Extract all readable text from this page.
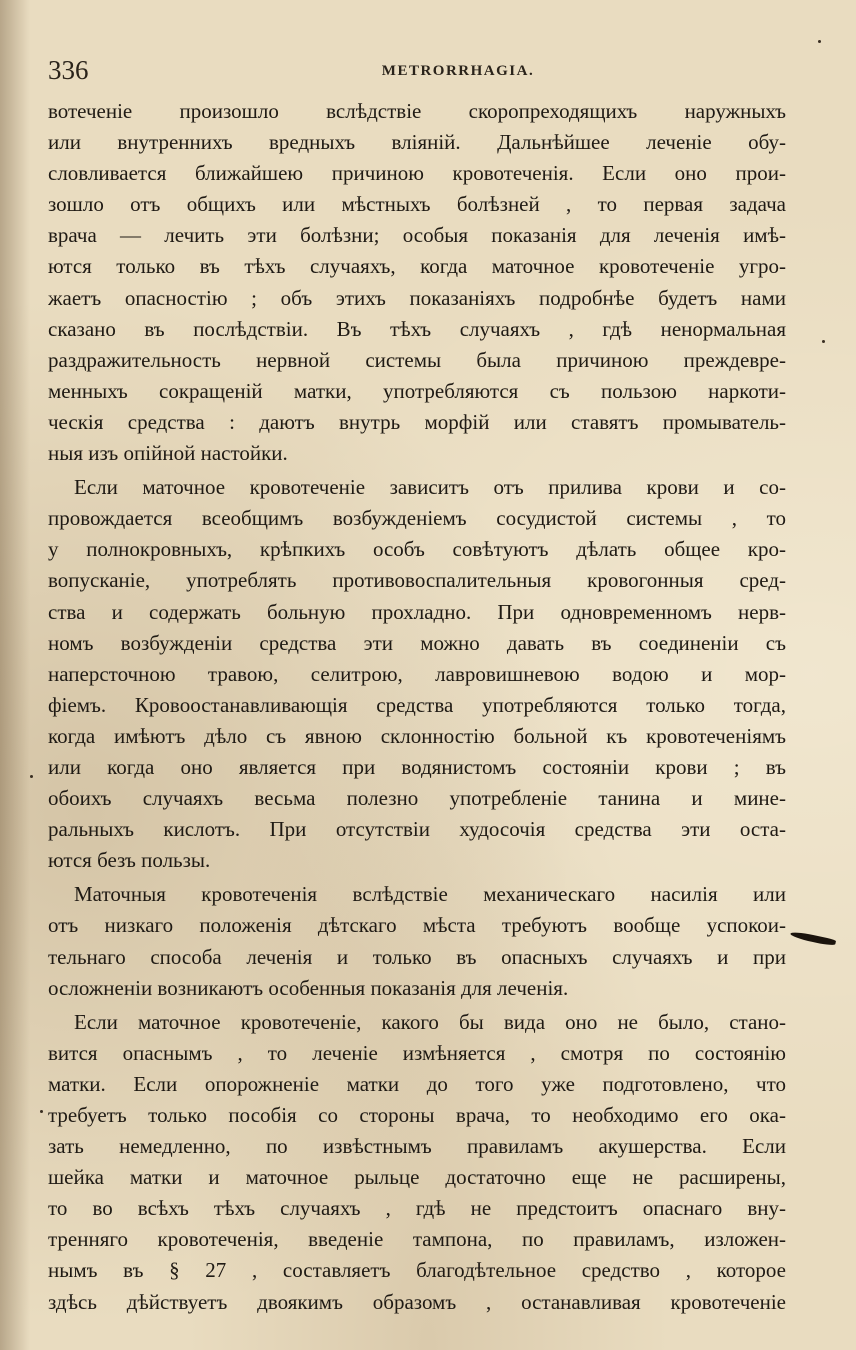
336	METRORRHAGIA.
вотеченіе произошло вслѣдствіе скоропреходящихъ наружныхъ
или внутреннихъ вредныхъ вліяній. Дальнѣйшее леченіе обу-
словливается ближайшею причиною кровотеченія. Если оно прои-
зошло отъ общихъ или мѣстныхъ болѣзней , то первая задача
врача — лечить эти болѣзни; особыя показанія для леченія имѣ-
ются только въ тѣхъ случаяхъ, когда маточное кровотеченіе угро-
жаетъ опасностію ; объ этихъ показаніяхъ подробнѣе будетъ нами
сказано въ послѣдствіи. Въ тѣхъ случаяхъ , гдѣ ненормальная
раздражительность нервной системы была причиною преждевре-
менныхъ сокращеній матки, употребляются съ пользою наркоти-
ческія средства : даютъ внутрь морфій или ставятъ промыватель-
ныя изъ опійной настойки.
Если маточное кровотеченіе зависитъ отъ прилива крови и со-
провождается всеобщимъ возбужденіемъ сосудистой системы , то
у полнокровныхъ, крѣпкихъ особъ совѣтуютъ дѣлать общее кро-
вопусканіе, употреблять противовоспалительныя кровогонныя сред-
ства и содержать больную прохладно. При одновременномъ нерв-
номъ возбужденіи средства эти можно давать въ соединеніи съ
наперсточною травою, селитрою, лавровишневою водою и мор-
фіемъ. Кровоостанавливающія средства употребляются только тогда,
когда имѣютъ дѣло съ явною склонностію больной къ кровотеченіямъ
или когда оно является при водянистомъ состояніи крови ; въ
обоихъ случаяхъ весьма полезно употребленіе танина и мине-
ральныхъ кислотъ. При отсутствіи худосочія средства эти оста-
ются безъ пользы.
Маточныя кровотеченія вслѣдствіе механическаго насилія или
отъ низкаго положенія дѣтскаго мѣста требуютъ вообще успокои-
тельнаго способа леченія и только въ опасныхъ случаяхъ и при
осложненіи возникаютъ особенныя показанія для леченія.
Если маточное кровотеченіе, какого бы вида оно не было, стано-
вится опаснымъ , то леченіе измѣняется , смотря по состоянію
матки. Если опорожненіе матки до того уже подготовлено, что
требуетъ только пособія со стороны врача, то необходимо его ока-
зать немедленно, по извѣстнымъ правиламъ акушерства. Если
шейка матки и маточное рыльце достаточно еще не расширены,
то во всѣхъ тѣхъ случаяхъ , гдѣ не предстоитъ опаснаго вну-
тренняго кровотеченія, введеніе тампона, по правиламъ, изложен-
нымъ въ § 27 , составляетъ благодѣтельное средство , которое
здѣсь дѣйствуетъ двоякимъ образомъ , останавливая кровотеченіе
